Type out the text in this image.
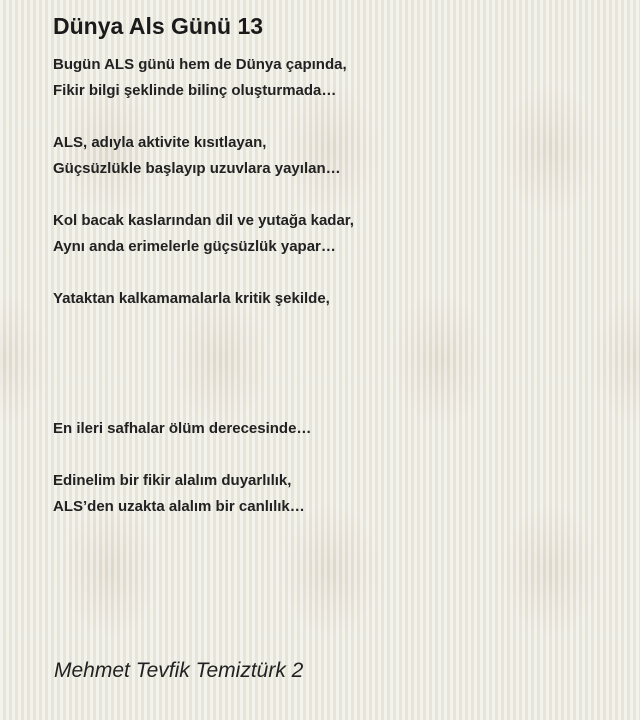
Dünya Als Günü 13
Bugün ALS günü hem de Dünya çapında,
Fikir bilgi şeklinde bilinç oluşturmada…
ALS, adıyla aktivite kısıtlayan,
Güçsüzlükle başlayıp uzuvlara yayılan…
Kol bacak kaslarından dil ve yutağa kadar,
Aynı anda erimelerle güçsüzlük yapar…
Yataktan kalkamamalarla kritik şekilde,
En ileri safhalar ölüm derecesinde…
Edinelim bir fikir alalım duyarlılık,
ALS’den uzakta alalım bir canlılık…
Mehmet Tevfik Temiztürk 2
